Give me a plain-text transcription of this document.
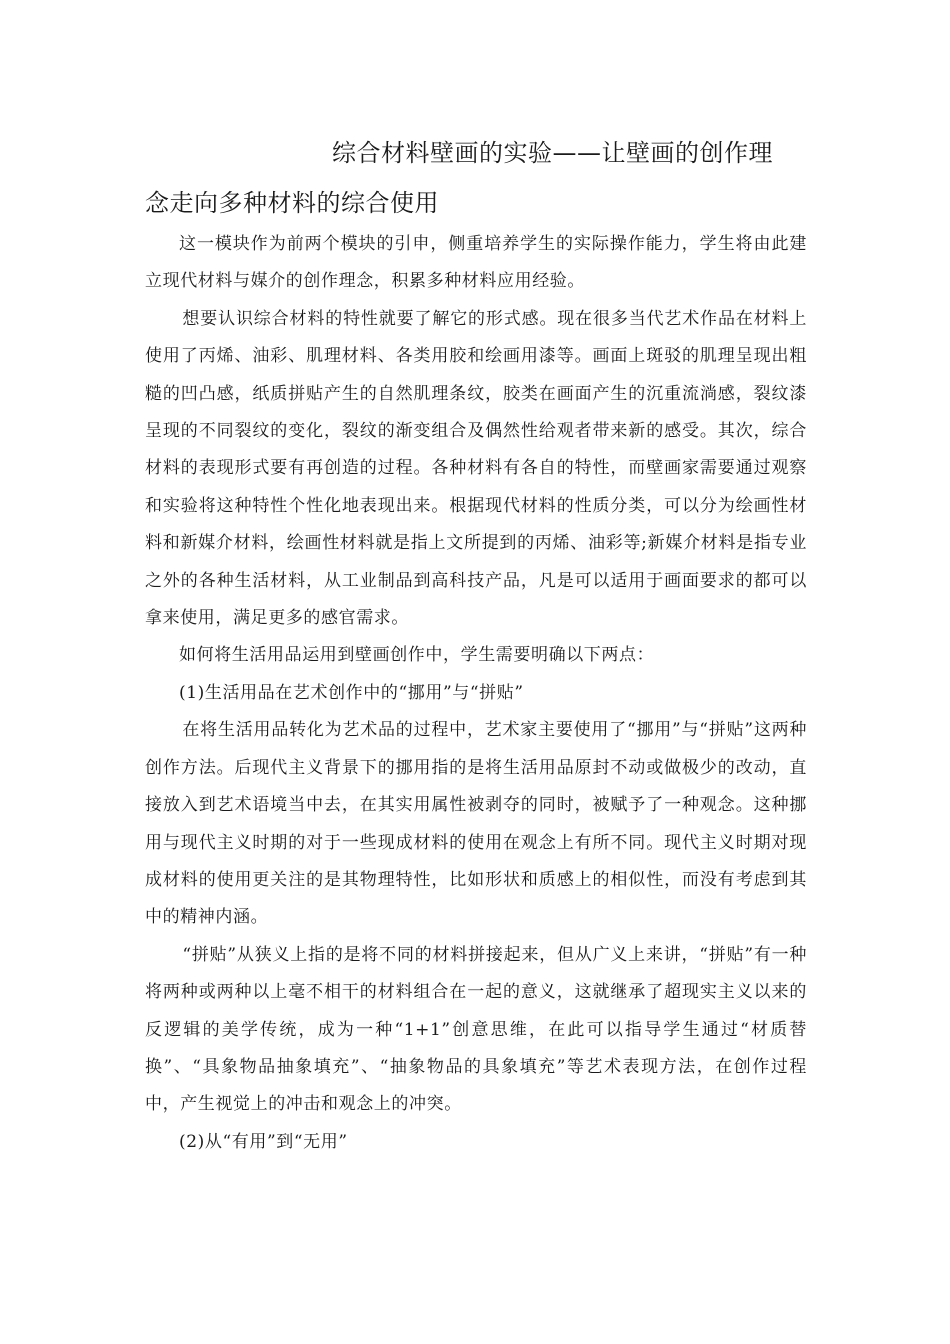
综合材料壁画的实验——让壁画的创作理
念走向多种材料的综合使用

这一模块作为前两个模块的引申，侧重培养学生的实际操作能力，学生将由此建立现代材料与媒介的创作理念，积累多种材料应用经验。

想要认识综合材料的特性就要了解它的形式感。现在很多当代艺术作品在材料上使用了丙烯、油彩、肌理材料、各类用胶和绘画用漆等。画面上斑驳的肌理呈现出粗糙的凹凸感，纸质拼贴产生的自然肌理条纹，胶类在画面产生的沉重流淌感，裂纹漆呈现的不同裂纹的变化，裂纹的渐变组合及偶然性给观者带来新的感受。其次，综合材料的表现形式要有再创造的过程。各种材料有各自的特性，而壁画家需要通过观察和实验将这种特性个性化地表现出来。根据现代材料的性质分类，可以分为绘画性材料和新媒介材料，绘画性材料就是指上文所提到的丙烯、油彩等;新媒介材料是指专业之外的各种生活材料，从工业制品到高科技产品，凡是可以适用于画面要求的都可以拿来使用，满足更多的感官需求。

如何将生活用品运用到壁画创作中，学生需要明确以下两点：

(1)生活用品在艺术创作中的“挪用”与“拼贴”

在将生活用品转化为艺术品的过程中，艺术家主要使用了“挪用”与“拼贴”这两种创作方法。后现代主义背景下的挪用指的是将生活用品原封不动或做极少的改动，直接放入到艺术语境当中去，在其实用属性被剥夺的同时，被赋予了一种观念。这种挪用与现代主义时期的对于一些现成材料的使用在观念上有所不同。现代主义时期对现成材料的使用更关注的是其物理特性，比如形状和质感上的相似性，而没有考虑到其中的精神内涵。

“拼贴”从狭义上指的是将不同的材料拼接起来，但从广义上来讲，“拼贴”有一种将两种或两种以上毫不相干的材料组合在一起的意义，这就继承了超现实主义以来的反逻辑的美学传统，成为一种“1+1”创意思维，在此可以指导学生通过“材质替换”、“具象物品抽象填充”、“抽象物品的具象填充”等艺术表现方法，在创作过程中，产生视觉上的冲击和观念上的冲突。

(2)从“有用”到“无用”
